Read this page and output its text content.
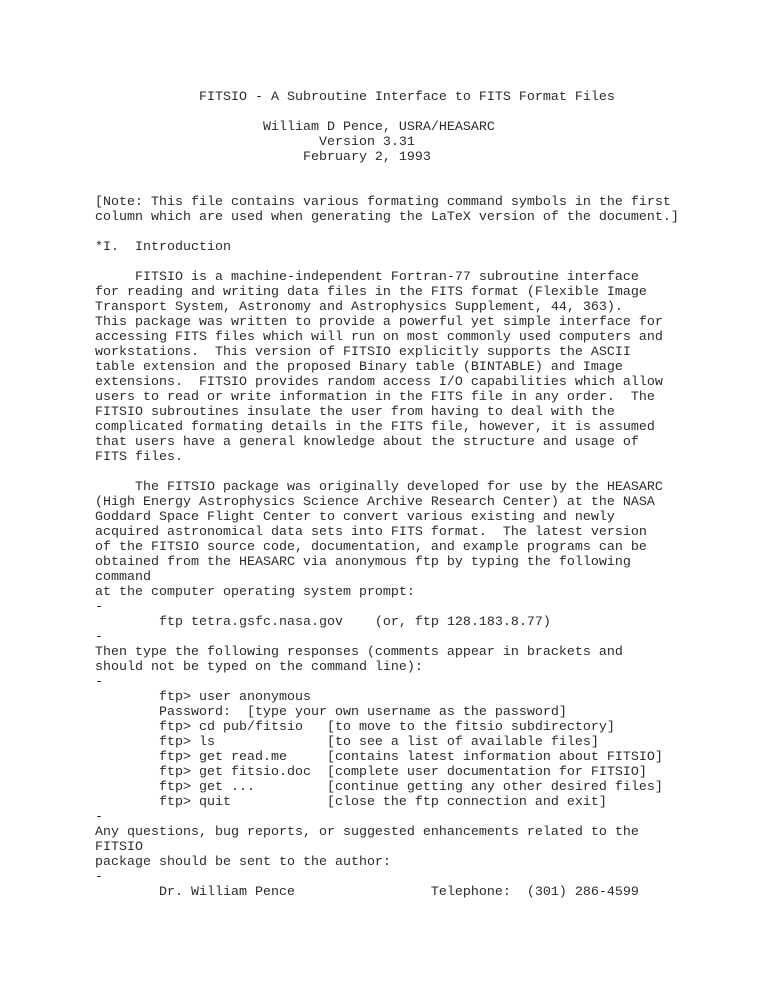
FITSIO - A Subroutine Interface to FITS Format Files
William D Pence, USRA/HEASARC
Version 3.31
February 2, 1993
[Note: This file contains various formating command symbols in the first
column which are used when generating the LaTeX version of the document.]
*I.  Introduction
FITSIO is a machine-independent Fortran-77 subroutine interface
for reading and writing data files in the FITS format (Flexible Image
Transport System, Astronomy and Astrophysics Supplement, 44, 363).
This package was written to provide a powerful yet simple interface for
accessing FITS files which will run on most commonly used computers and
workstations.  This version of FITSIO explicitly supports the ASCII
table extension and the proposed Binary table (BINTABLE) and Image
extensions.  FITSIO provides random access I/O capabilities which allow
users to read or write information in the FITS file in any order.  The
FITSIO subroutines insulate the user from having to deal with the
complicated formating details in the FITS file, however, it is assumed
that users have a general knowledge about the structure and usage of
FITS files.
The FITSIO package was originally developed for use by the HEASARC
(High Energy Astrophysics Science Archive Research Center) at the NASA
Goddard Space Flight Center to convert various existing and newly
acquired astronomical data sets into FITS format.  The latest version
of the FITSIO source code, documentation, and example programs can be
obtained from the HEASARC via anonymous ftp by typing the following
command
at the computer operating system prompt:
-
ftp tetra.gsfc.nasa.gov    (or, ftp 128.183.8.77)
-
Then type the following responses (comments appear in brackets and
should not be typed on the command line):
-
ftp> user anonymous
Password:  [type your own username as the password]
ftp> cd pub/fitsio   [to move to the fitsio subdirectory]
ftp> ls              [to see a list of available files]
ftp> get read.me     [contains latest information about FITSIO]
ftp> get fitsio.doc  [complete user documentation for FITSIO]
ftp> get ...         [continue getting any other desired files]
ftp> quit            [close the ftp connection and exit]
-
Any questions, bug reports, or suggested enhancements related to the
FITSIO
package should be sent to the author:
-
Dr. William Pence                 Telephone:  (301) 286-4599
